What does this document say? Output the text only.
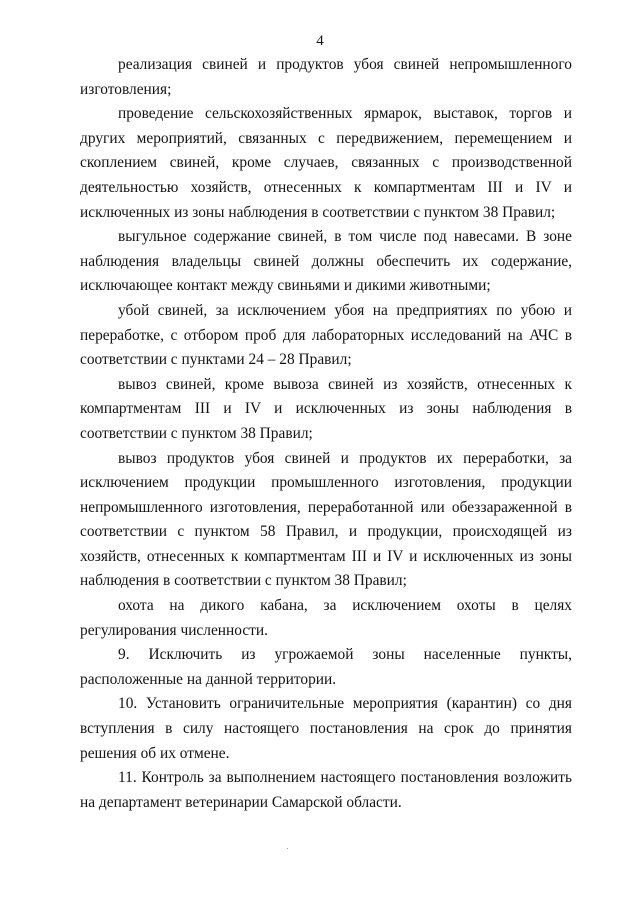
4

реализация свиней и продуктов убоя свиней непромышленного изготовления;

проведение сельскохозяйственных ярмарок, выставок, торгов и других мероприятий, связанных с передвижением, перемещением и скоплением свиней, кроме случаев, связанных с производственной деятельностью хозяйств, отнесенных к компартментам III и IV и исключенных из зоны наблюдения в соответствии с пунктом 38 Правил;

выгульное содержание свиней, в том числе под навесами. В зоне наблюдения владельцы свиней должны обеспечить их содержание, исключающее контакт между свиньями и дикими животными;

убой свиней, за исключением убоя на предприятиях по убою и переработке, с отбором проб для лабораторных исследований на АЧС в соответствии с пунктами 24 – 28 Правил;

вывоз свиней, кроме вывоза свиней из хозяйств, отнесенных к компартментам III и IV и исключенных из зоны наблюдения в соответствии с пунктом 38 Правил;

вывоз продуктов убоя свиней и продуктов их переработки, за исключением продукции промышленного изготовления, продукции непромышленного изготовления, переработанной или обеззараженной в соответствии с пунктом 58 Правил, и продукции, происходящей из хозяйств, отнесенных к компартментам III и IV и исключенных из зоны наблюдения в соответствии с пунктом 38 Правил;

охота на дикого кабана, за исключением охоты в целях регулирования численности.

9. Исключить из угрожаемой зоны населенные пункты, расположенные на данной территории.

10. Установить ограничительные мероприятия (карантин) со дня вступления в силу настоящего постановления на срок до принятия решения об их отмене.

11. Контроль за выполнением настоящего постановления возложить на департамент ветеринарии Самарской области.
